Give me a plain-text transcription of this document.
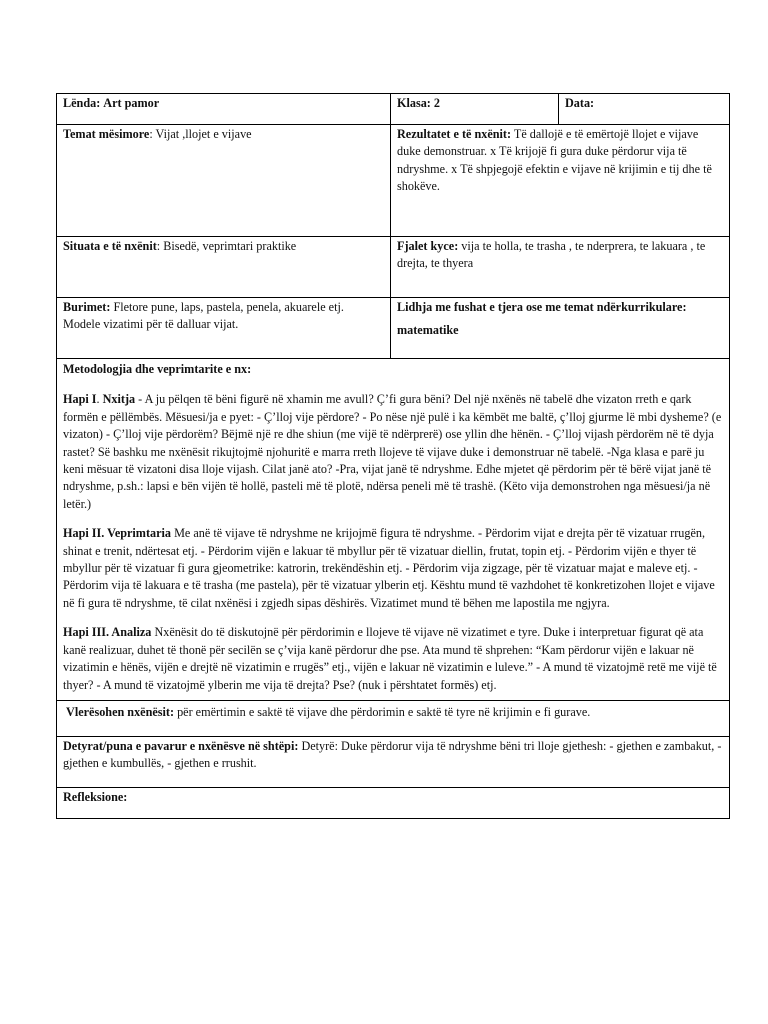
Lënda: Art pamor	Klasa: 2	Data:
Temat mësimore: Vijat ,llojet e vijave	Rezultatet e të nxënit: Të dallojë e të emërtojë llojet e vijave duke demonstruar. x Të krijojë fi gura duke përdorur vija të ndryshme. x Të shpjegojë efektin e vijave në krijimin e tij dhe të shokëve.	
Situata e të nxënit: Bisedë, veprimtari praktike	Fjalet kyce: vija te holla, te trasha , te nderprera, te lakuara , te drejta, te thyera	
Burimet: Fletore pune, laps, pastela, penela, akuarele etj. Modele vizatimi për të dalluar vijat.	Lidhja me fushat e tjera ose me temat ndërkurrikulare:

matematike	

Metodologjia dhe veprimtarite e nx:

Hapi I. Nxitja - A ju pëlqen të bëni figurë në xhamin me avull? Ç’fi gura bëni? Del një nxënës në tabelë dhe vizaton rreth e qark formën e pëllëmbës. Mësuesi/ja e pyet: - Ç’lloj vije përdore? - Po nëse një pulë i ka këmbët me baltë, ç’lloj gjurme lë mbi dysheme? (e vizaton) - Ç’lloj vije përdorëm? Bëjmë një re dhe shiun (me vijë të ndërprerë) ose yllin dhe hënën. - Ç’lloj vijash përdorëm në të dyja rastet? Së bashku me nxënësit rikujtojmë njohuritë e marra rreth llojeve të vijave duke i demonstruar në tabelë. -Nga klasa e parë ju keni mësuar të vizatoni disa lloje vijash. Cilat janë ato? -Pra, vijat janë të ndryshme. Edhe mjetet që përdorim për të bërë vijat janë të ndryshme, p.sh.: lapsi e bën vijën të hollë, pasteli më të plotë, ndërsa peneli më të trashë. (Këto vija demonstrohen nga mësuesi/ja në letër.)

Hapi II. Veprimtaria Me anë të vijave të ndryshme ne krijojmë figura të ndryshme. - Përdorim vijat e drejta për të vizatuar rrugën, shinat e trenit, ndërtesat etj. - Përdorim vijën e lakuar të mbyllur për të vizatuar diellin, frutat, topin etj. - Përdorim vijën e thyer të mbyllur për të vizatuar fi gura gjeometrike: katrorin, trekëndëshin etj. - Përdorim vija zigzage, për të vizatuar majat e maleve etj. - Përdorim vija të lakuara e të trasha (me pastela), për të vizatuar ylberin etj. Kështu mund të vazhdohet të konkretizohen llojet e vijave në fi gura të ndryshme, të cilat nxënësi i zgjedh sipas dëshirës. Vizatimet mund të bëhen me lapostila me ngjyra.

Hapi III. Analiza Nxënësit do të diskutojnë për përdorimin e llojeve të vijave në vizatimet e tyre. Duke i interpretuar figurat që ata kanë realizuar, duhet të thonë për secilën se ç’vija kanë përdorur dhe pse. Ata mund të shprehen: “Kam përdorur vijën e lakuar në vizatimin e hënës, vijën e drejtë në vizatimin e rrugës” etj., vijën e lakuar në vizatimin e luleve.” - A mund të vizatojmë retë me vijë të thyer? - A mund të vizatojmë ylberin me vija të drejta? Pse? (nuk i përshtatet formës) etj.		

Vlerësohen nxënësit: për emërtimin e saktë të vijave dhe përdorimin e saktë të tyre në krijimin e fi gurave.		
Detyrat/puna e pavarur e nxënësve në shtëpi: Detyrë: Duke përdorur vija të ndryshme bëni tri lloje gjethesh: - gjethen e zambakut, - gjethen e kumbullës, - gjethen e rrushit.		
Refleksione:		
